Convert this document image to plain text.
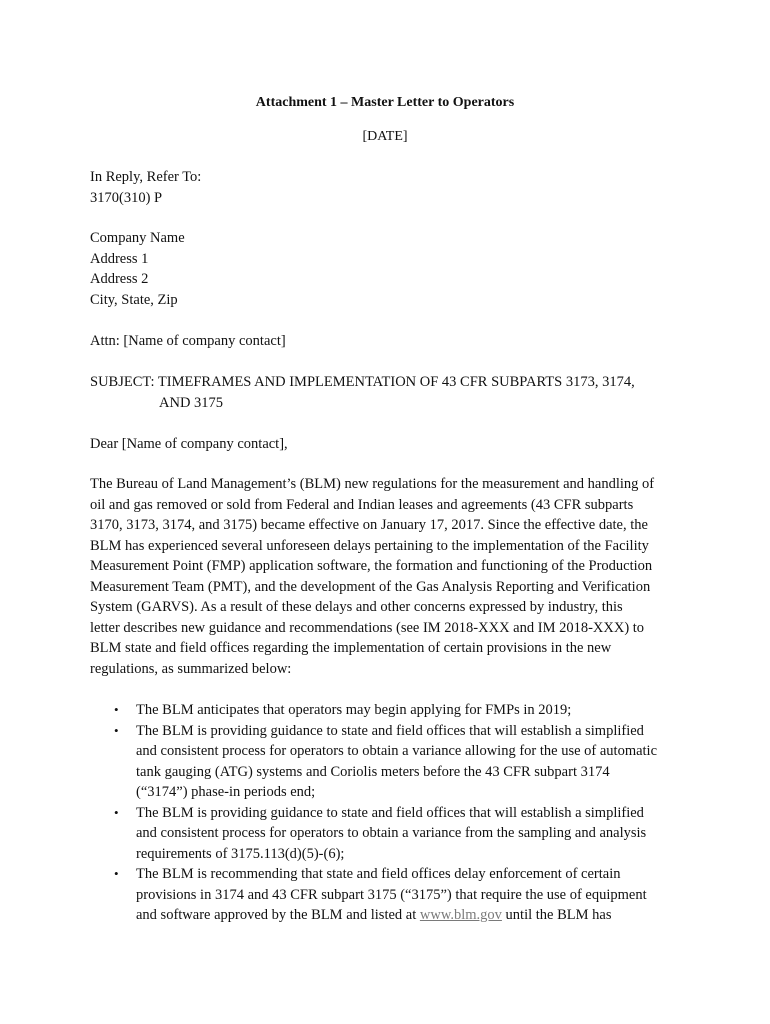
Attachment 1 – Master Letter to Operators
[DATE]
In Reply, Refer To:
3170(310) P
Company Name
Address 1
Address 2
City, State, Zip
Attn: [Name of company contact]
SUBJECT: TIMEFRAMES AND IMPLEMENTATION OF 43 CFR SUBPARTS 3173, 3174,
AND 3175
Dear [Name of company contact],
The Bureau of Land Management’s (BLM) new regulations for the measurement and handling of
oil and gas removed or sold from Federal and Indian leases and agreements (43 CFR subparts
3170, 3173, 3174, and 3175) became effective on January 17, 2017. Since the effective date, the
BLM has experienced several unforeseen delays pertaining to the implementation of the Facility
Measurement Point (FMP) application software, the formation and functioning of the Production
Measurement Team (PMT), and the development of the Gas Analysis Reporting and Verification
System (GARVS). As a result of these delays and other concerns expressed by industry, this
letter describes new guidance and recommendations (see IM 2018-XXX and IM 2018-XXX) to
BLM state and field offices regarding the implementation of certain provisions in the new
regulations, as summarized below:
• The BLM anticipates that operators may begin applying for FMPs in 2019;
• The BLM is providing guidance to state and field offices that will establish a simplified
and consistent process for operators to obtain a variance allowing for the use of automatic
tank gauging (ATG) systems and Coriolis meters before the 43 CFR subpart 3174
(“3174”) phase-in periods end;
• The BLM is providing guidance to state and field offices that will establish a simplified
and consistent process for operators to obtain a variance from the sampling and analysis
requirements of 3175.113(d)(5)-(6);
• The BLM is recommending that state and field offices delay enforcement of certain
provisions in 3174 and 43 CFR subpart 3175 (“3175”) that require the use of equipment
and software approved by the BLM and listed at www.blm.gov until the BLM has
